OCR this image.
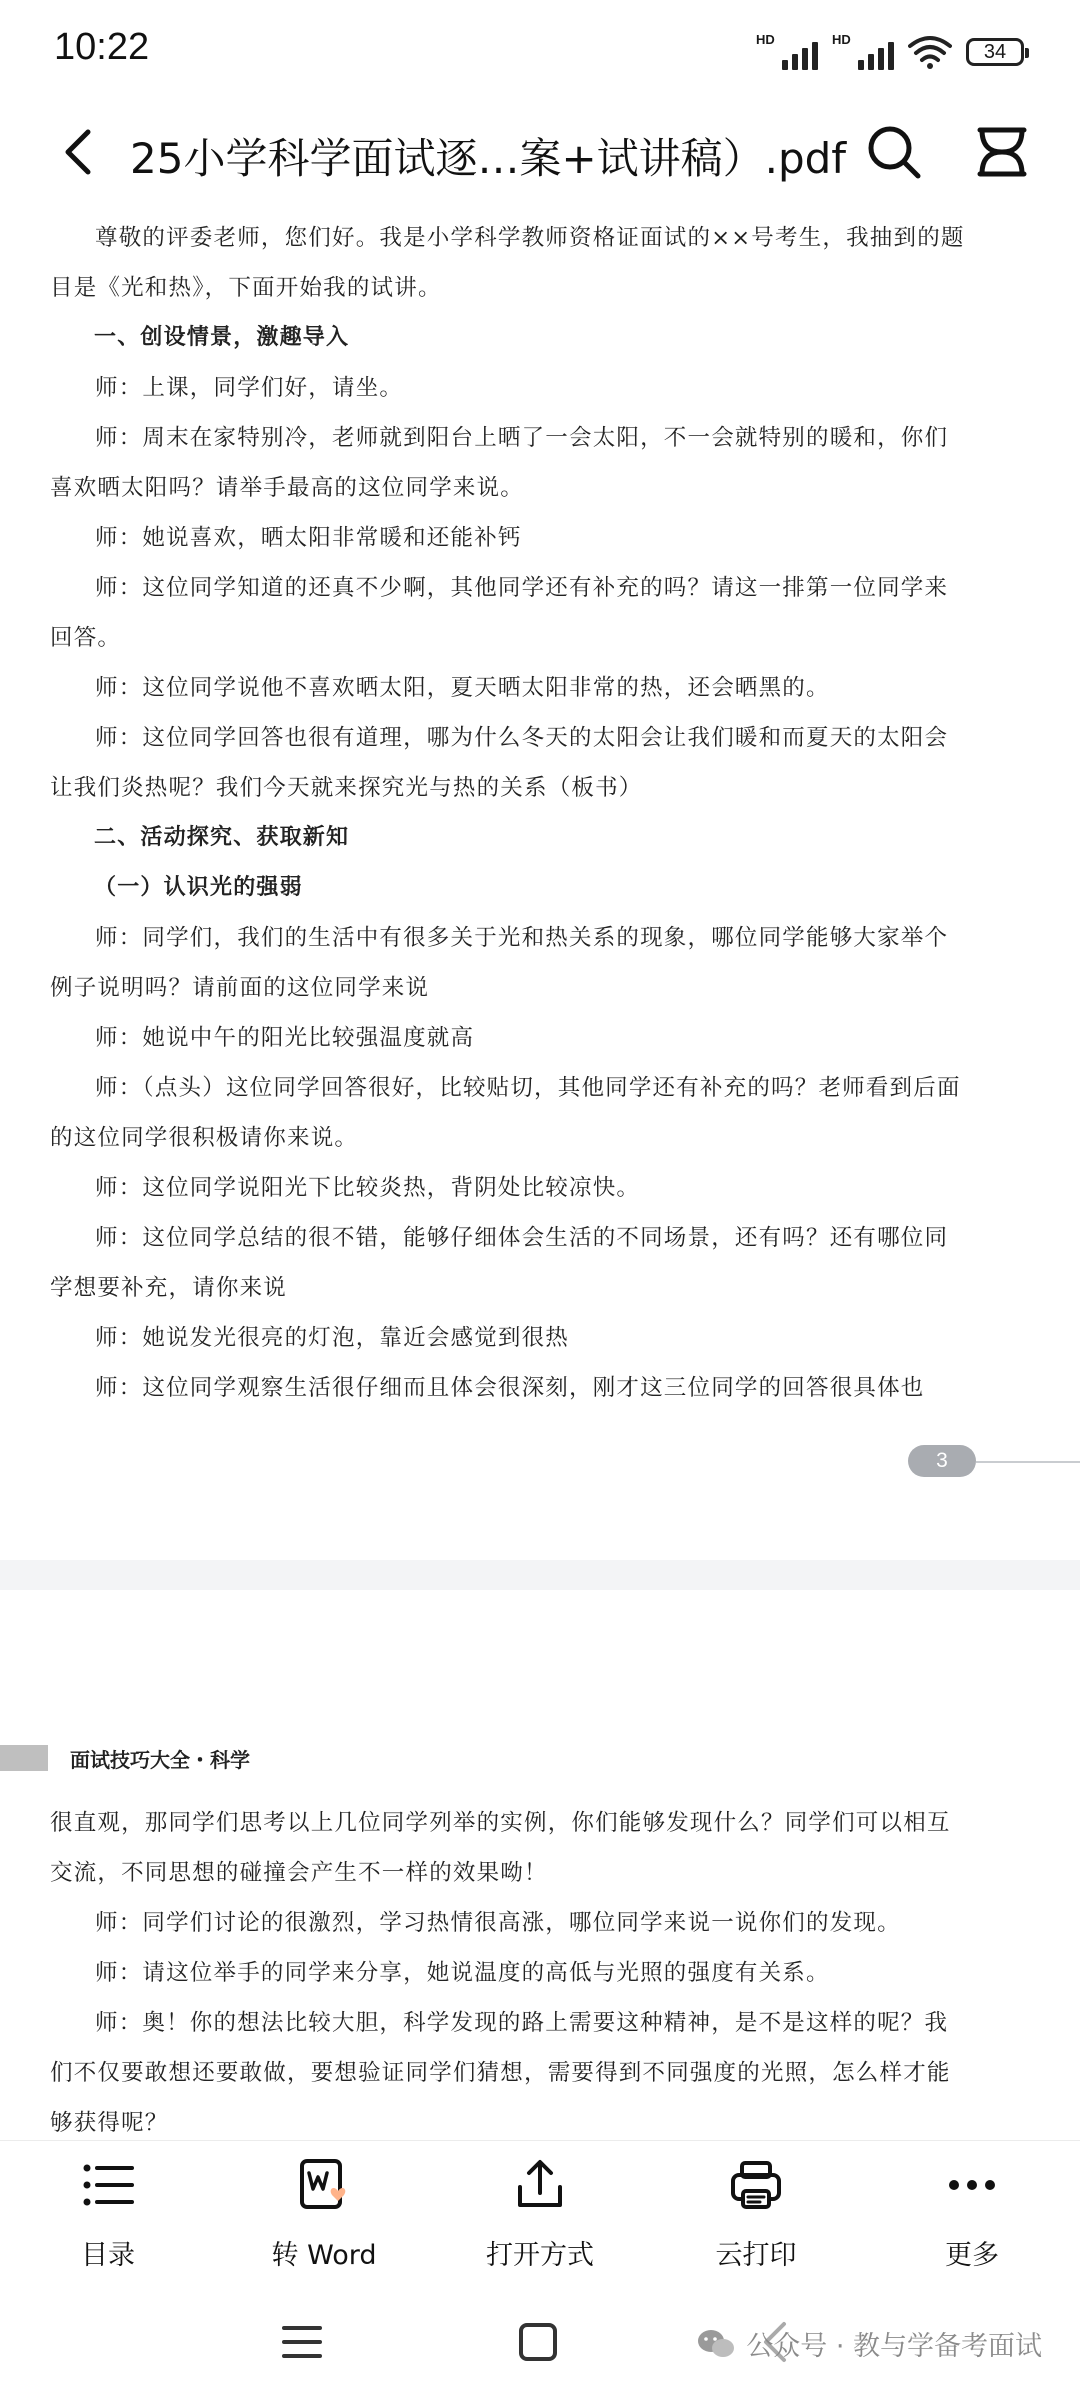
10:22	HD	HD
34
25小学科学面试逐…案+试讲稿）.pdf

尊敬的评委老师，您们好。我是小学科学教师资格证面试的××号考生，我抽到的题目是《光和热》，下面开始我的试讲。

一、创设情景，激趣导入

师：上课，同学们好，请坐。

师：周末在家特别冷，老师就到阳台上晒了一会太阳，不一会就特别的暖和，你们喜欢晒太阳吗？请举手最高的这位同学来说。

师：她说喜欢，晒太阳非常暖和还能补钙

师：这位同学知道的还真不少啊，其他同学还有补充的吗？请这一排第一位同学来回答。

师：这位同学说他不喜欢晒太阳，夏天晒太阳非常的热，还会晒黑的。

师：这位同学回答也很有道理，哪为什么冬天的太阳会让我们暖和而夏天的太阳会让我们炎热呢？我们今天就来探究光与热的关系（板书）

二、活动探究、获取新知

（一）认识光的强弱

师：同学们，我们的生活中有很多关于光和热关系的现象，哪位同学能够大家举个例子说明吗？请前面的这位同学来说

师：她说中午的阳光比较强温度就高

师：（点头）这位同学回答很好，比较贴切，其他同学还有补充的吗？老师看到后面的这位同学很积极请你来说。

师：这位同学说阳光下比较炎热，背阴处比较凉快。

师：这位同学总结的很不错，能够仔细体会生活的不同场景，还有吗？还有哪位同学想要补充，请你来说

师：她说发光很亮的灯泡，靠近会感觉到很热

师：这位同学观察生活很仔细而且体会很深刻，刚才这三位同学的回答很具体也

3
面试技巧大全・科学

很直观，那同学们思考以上几位同学列举的实例，你们能够发现什么？同学们可以相互交流，不同思想的碰撞会产生不一样的效果呦！

师：同学们讨论的很激烈，学习热情很高涨，哪位同学来说一说你们的发现。

师：请这位举手的同学来分享，她说温度的高低与光照的强度有关系。

师：奥！你的想法比较大胆，科学发现的路上需要这种精神，是不是这样的呢？我们不仅要敢想还要敢做，要想验证同学们猜想，需要得到不同强度的光照，怎么样才能够获得呢？

目录	转 Word	打开方式	云打印	更多
公众号 · 教与学备考面试
